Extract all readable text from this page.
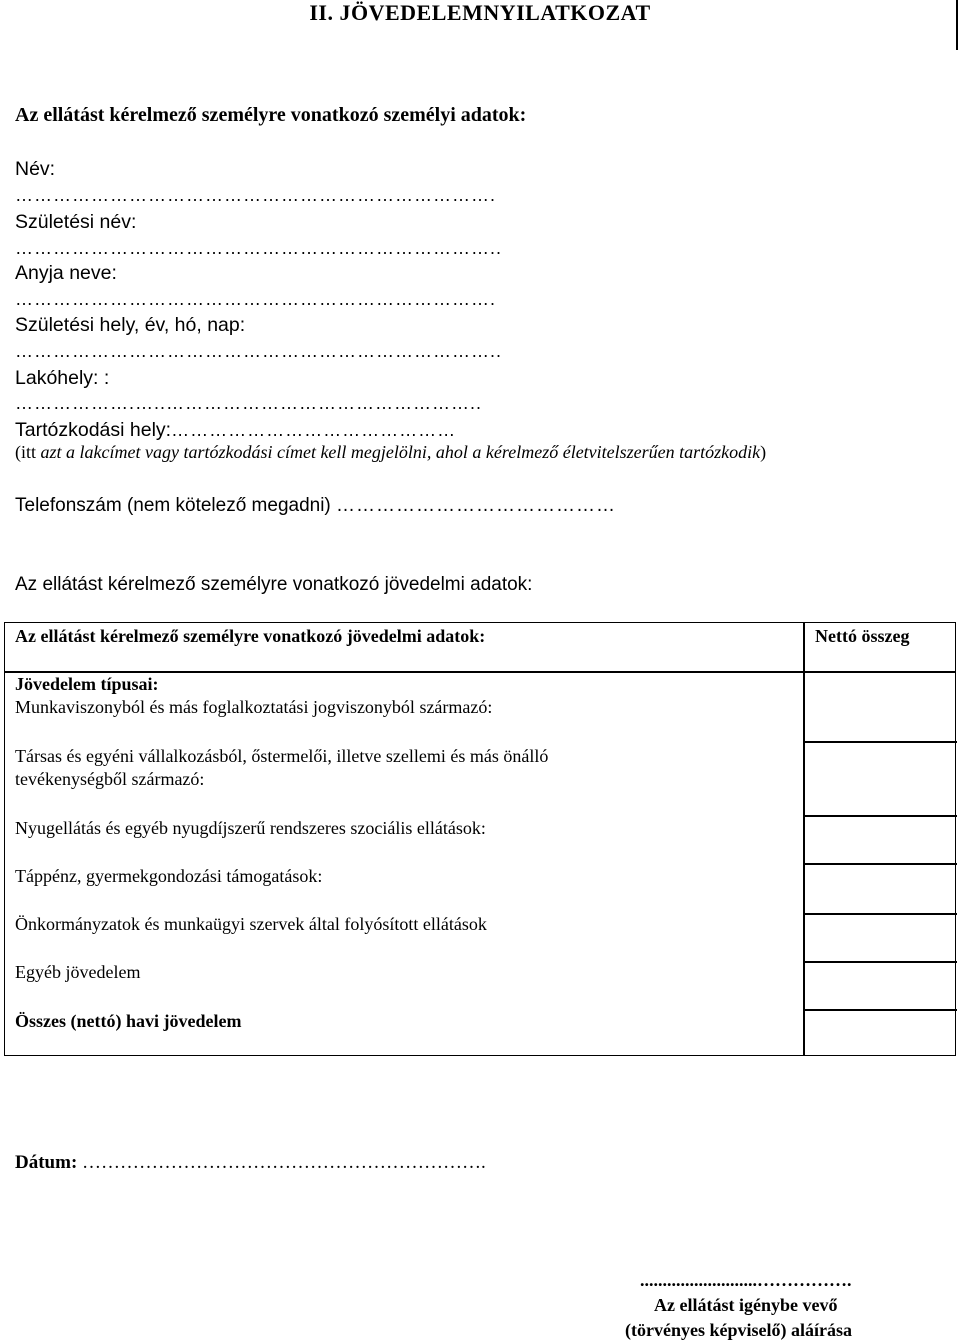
II. JÖVEDELEMNYILATKOZAT
Az ellátást kérelmező személyre vonatkozó személyi adatok:
Név:
………………………………………………………………….
Születési név:
…………………………………………………………………..
Anyja neve:
………………………………………………………………….
Születési hely, év, hó, nap:
…………………………………………………………………..
Lakóhely: :
……………….…..…………………………………………..
Tartózkodási hely:………………………………………
(itt azt a lakcímet vagy tartózkodási címet kell megjelölni, ahol a kérelmező életvitelszerűen tartózkodik)
Telefonszám (nem kötelező megadni) ……………………………………
Az ellátást kérelmező személyre vonatkozó jövedelmi adatok:
Az ellátást kérelmező személyre vonatkozó jövedelmi adatok:	Nettó összeg
Jövedelem típusai:
Munkaviszonyból és más foglalkoztatási jogviszonyból származó:
Társas és egyéni vállalkozásból, őstermelői, illetve szellemi és más önálló
tevékenységből származó:
Nyugellátás és egyéb nyugdíjszerű rendszeres szociális ellátások:
Táppénz, gyermekgondozási támogatások:
Önkormányzatok és munkaügyi szervek által folyósított ellátások
Egyéb jövedelem
Összes (nettó) havi jövedelem
Dátum: ……………………………………………………….
..........................…………….
Az ellátást igénybe vevő
(törvényes képviselő) aláírása
